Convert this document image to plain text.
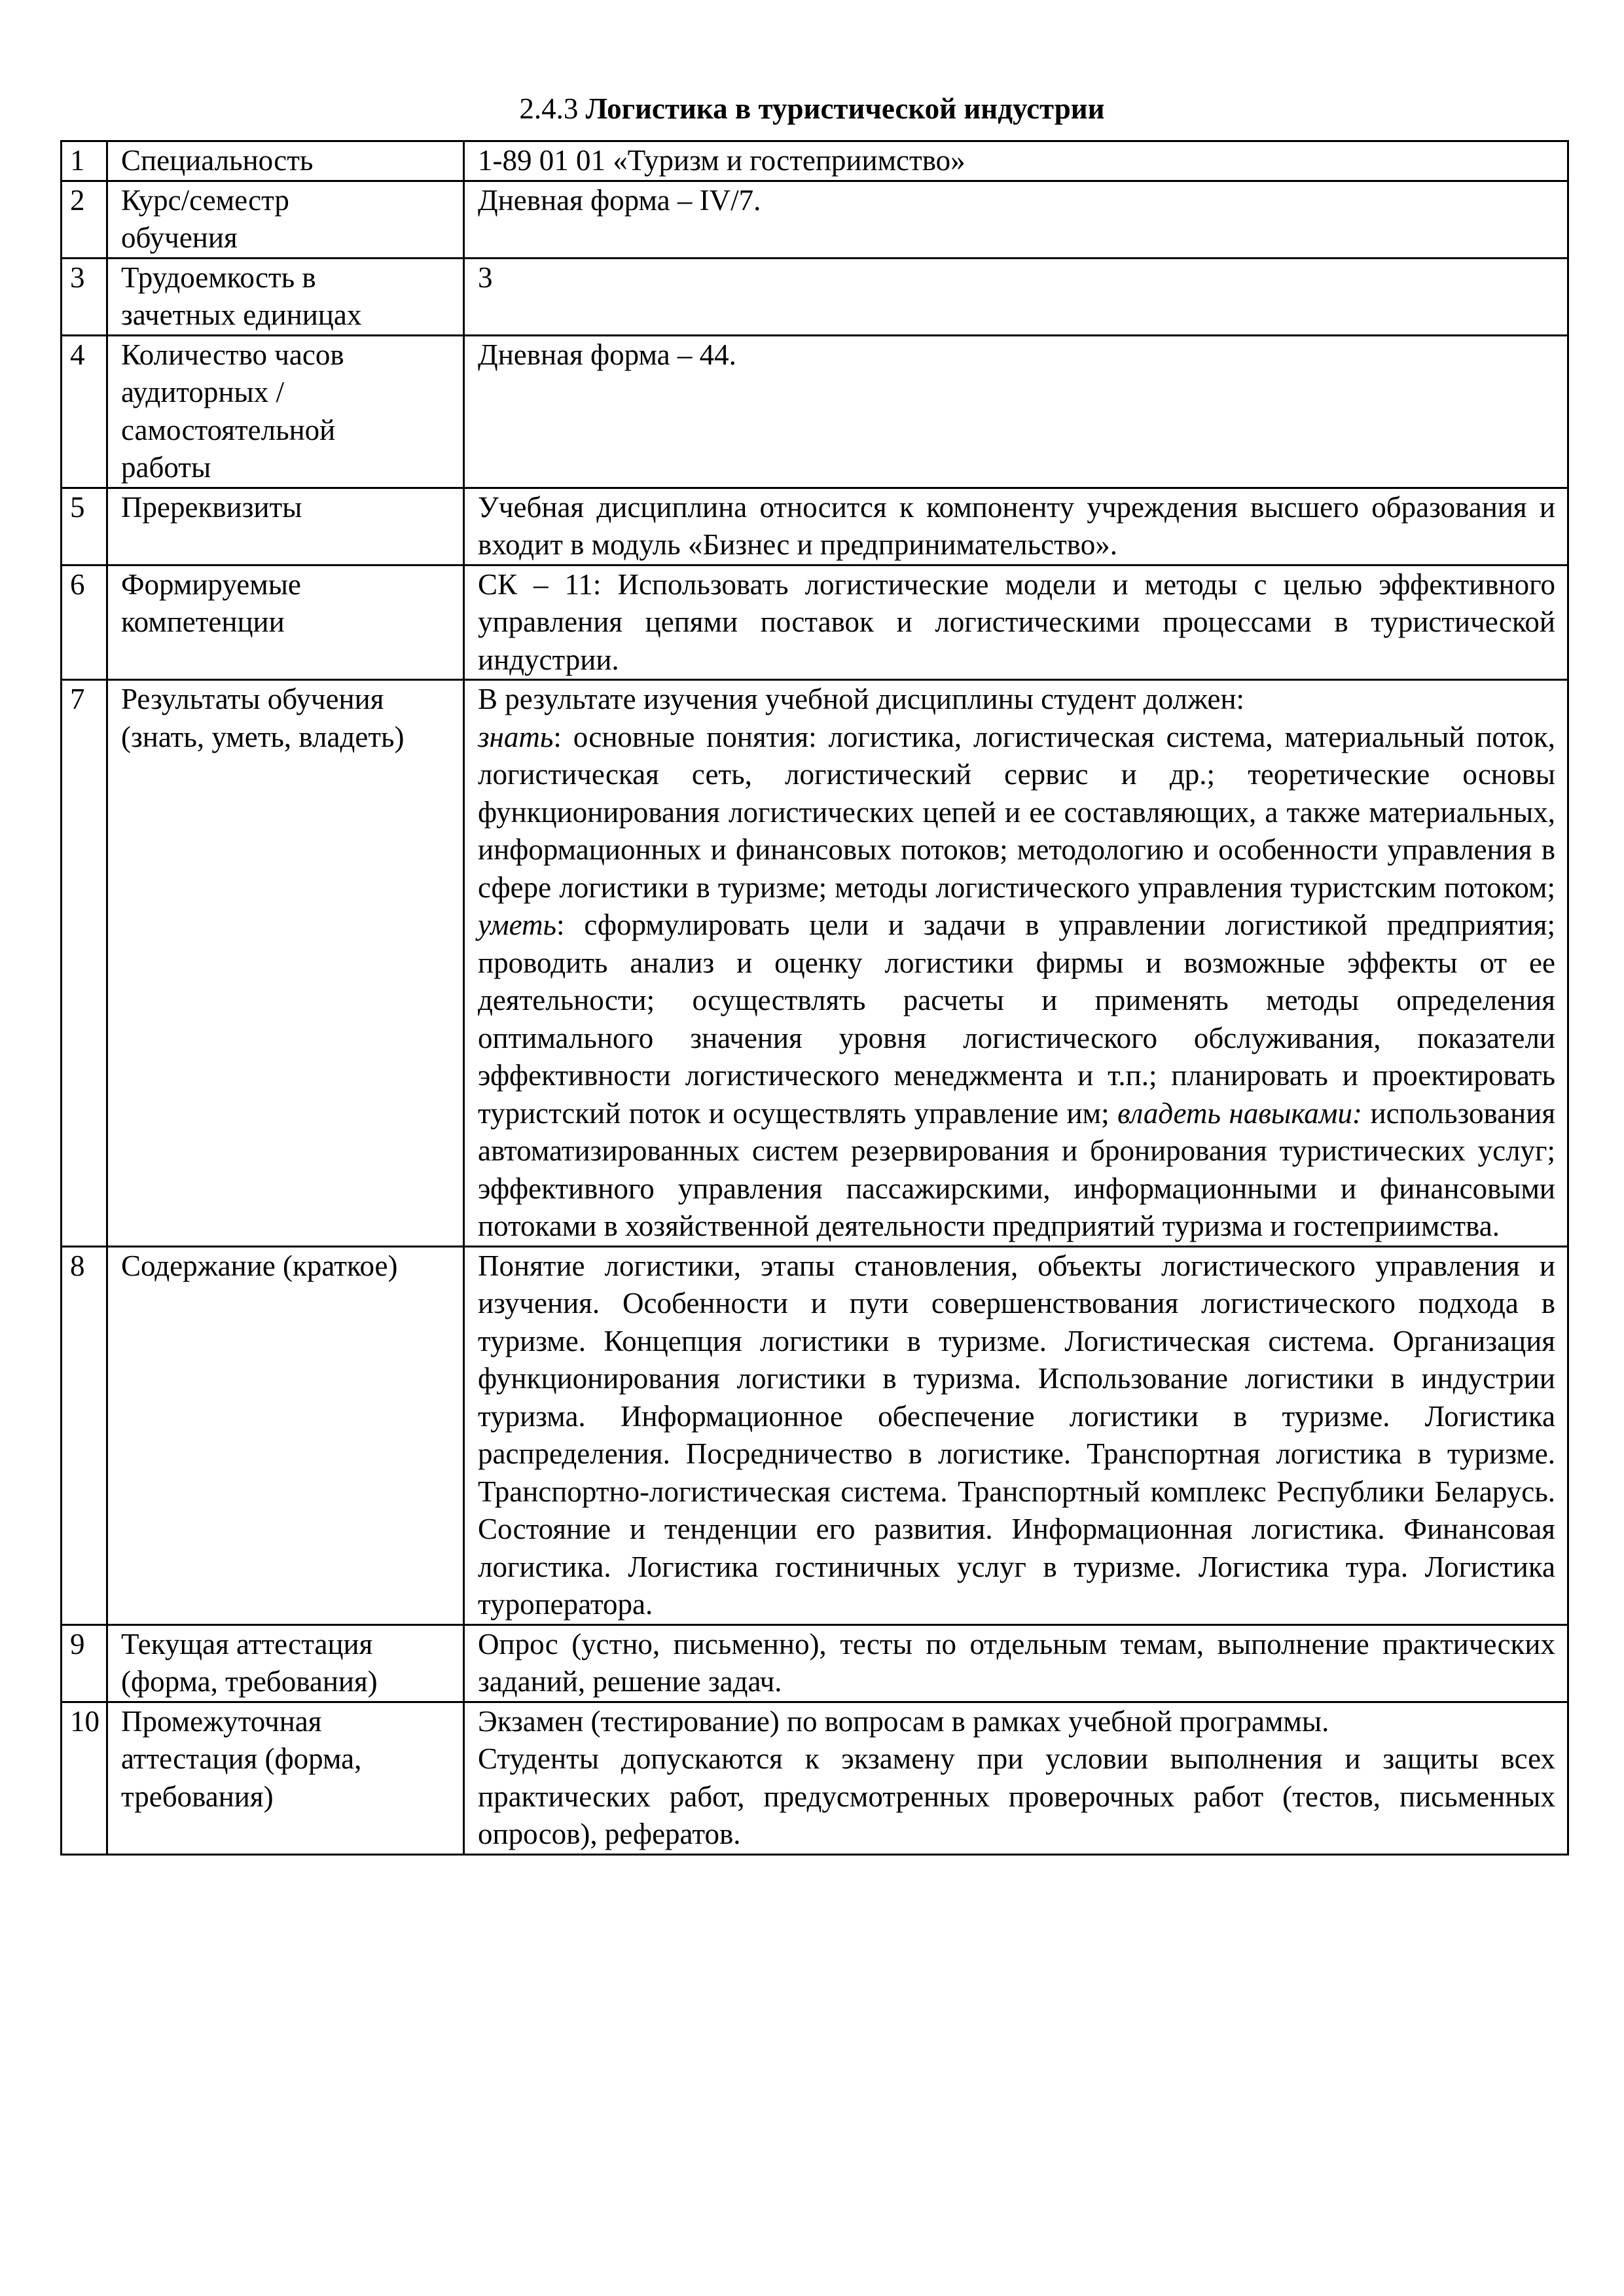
2.4.3 Логистика в туристической индустрии
1	Специальность	1-89 01 01 «Туризм и гостеприимство»
2	Курс/семестр обучения	Дневная форма – IV/7.
3	Трудоемкость в зачетных единицах	3
4	Количество часов аудиторных / самостоятельной работы	Дневная форма – 44.
5	Пререквизиты	Учебная дисциплина относится к компоненту учреждения высшего образования и входит в модуль «Бизнес и предпринимательство».
6	Формируемые компетенции	СК – 11: Использовать логистические модели и методы с целью эффективного управления цепями поставок и логистическими процессами в туристической индустрии.
7	Результаты обучения (знать, уметь, владеть)	В результате изучения учебной дисциплины студент должен:
знать: основные понятия: логистика, логистическая система, материальный поток, логистическая сеть, логистический сервис и др.; теоретические основы функционирования логистических цепей и ее составляющих, а также материальных, информационных и финансовых потоков; методологию и особенности управления в сфере логистики в туризме; методы логистического управления туристским потоком; уметь: сформулировать цели и задачи в управлении логистикой предприятия; проводить анализ и оценку логистики фирмы и возможные эффекты от ее деятельности; осуществлять расчеты и применять методы определения оптимального значения уровня логистического обслуживания, показатели эффективности логистического менеджмента и т.п.; планировать и проектировать туристский поток и осуществлять управление им; владеть навыками: использования автоматизированных систем резервирования и бронирования туристических услуг; эффективного управления пассажирскими, информационными и финансовыми потоками в хозяйственной деятельности предприятий туризма и гостеприимства.

8	Содержание (краткое)	Понятие логистики, этапы становления, объекты логистического управления и изучения. Особенности и пути совершенствования логистического подхода в туризме. Концепция логистики в туризме. Логистическая система. Организация функционирования логистики в туризма. Использование логистики в индустрии туризма. Информационное обеспечение логистики в туризме. Логистика распределения. Посредничество в логистике. Транспортная логистика в туризме. Транспортно-логистическая система. Транспортный комплекс Республики Беларусь. Состояние и тенденции его развития. Информационная логистика. Финансовая логистика. Логистика гостиничных услуг в туризме. Логистика тура. Логистика туроператора.
9	Текущая аттестация (форма, требования)	Опрос (устно, письменно), тесты по отдельным темам, выполнение практических заданий, решение задач.
10	Промежуточная аттестация (форма, требования)	Экзамен (тестирование) по вопросам в рамках учебной программы.
Студенты допускаются к экзамену при условии выполнения и защиты всех практических работ, предусмотренных проверочных работ (тестов, письменных опросов), рефератов.
